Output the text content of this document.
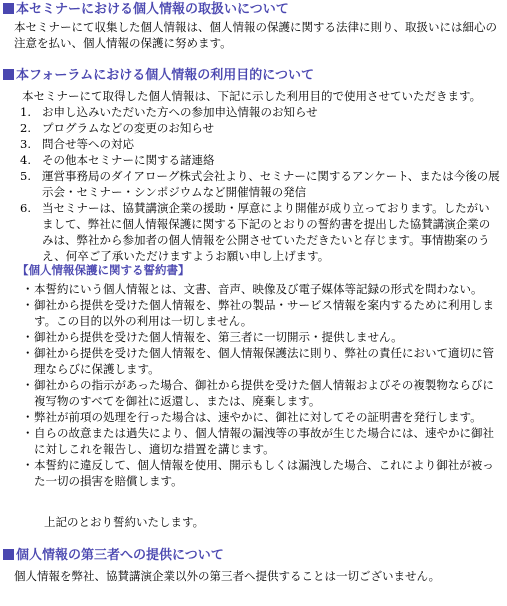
本セミナーにおける個人情報の取扱いについて

本セミナーにて収集した個人情報は、個人情報の保護に関する法律に則り、取扱いには細心の注意を払い、個人情報の保護に努めます。

本フォーラムにおける個人情報の利用目的について

本セミナーにて取得した個人情報は、下記に示した利用目的で使用させていただきます。

1. お申し込みいただいた方への参加申込情報のお知らせ
2. プログラムなどの変更のお知らせ
3. 問合せ等への対応
4. その他本セミナーに関する諸連絡
5. 運営事務局のダイアローグ株式会社より、セミナーに関するアンケート、または今後の展示会・セミナー・シンポジウムなど開催情報の発信
6. 当セミナーは、協賛講演企業の援助・厚意により開催が成り立っております。したがいまして、弊社に個人情報保護に関する下記のとおりの誓約書を提出した協賛講演企業のみは、弊社から参加者の個人情報を公開させていただきたいと存じます。事情勘案のうえ、何卒ご了承いただけますようお願い申し上げます。
【個人情報保護に関する誓約書】
・ 本誓約にいう個人情報とは、文書、音声、映像及び電子媒体等記録の形式を問わない。
・ 御社から提供を受けた個人情報を、弊社の製品・サービス情報を案内するために利用します。この目的以外の利用は一切しません。
・ 御社から提供を受けた個人情報を、第三者に一切開示・提供しません。
・ 御社から提供を受けた個人情報を、個人情報保護法に則り、弊社の責任において適切に管理ならびに保護します。
・ 御社からの指示があった場合、御社から提供を受けた個人情報およびその複製物ならびに複写物のすべてを御社に返還し、または、廃棄します。
・ 弊社が前項の処理を行った場合は、速やかに、御社に対してその証明書を発行します。
・ 自らの故意または過失により、個人情報の漏洩等の事故が生じた場合には、速やかに御社に対しこれを報告し、適切な措置を講じます。
・ 本誓約に違反して、個人情報を使用、開示もしくは漏洩した場合、これにより御社が被った一切の損害を賠償します。
上記のとおり誓約いたします。
個人情報の第三者への提供について

個人情報を弊社、協賛講演企業以外の第三者へ提供することは一切ございません。
